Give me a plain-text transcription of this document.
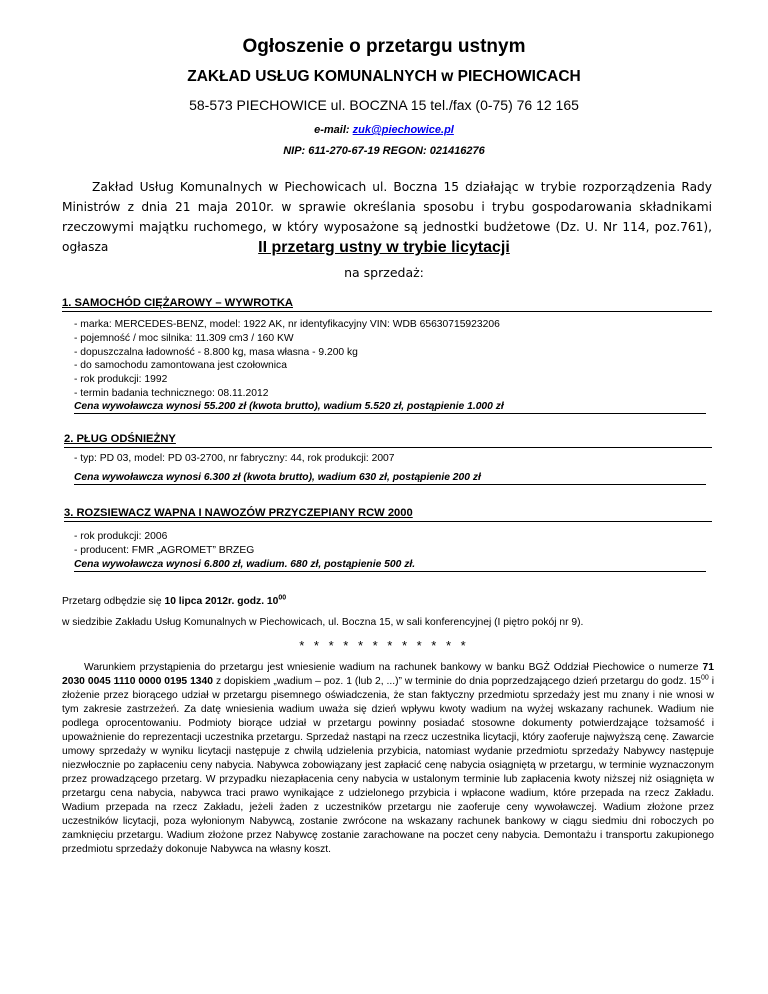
Ogłoszenie o przetargu ustnym
ZAKŁAD USŁUG KOMUNALNYCH w PIECHOWICACH
58-573 PIECHOWICE ul. BOCZNA 15 tel./fax (0-75) 76 12 165
e-mail: zuk@piechowice.pl
NIP: 611-270-67-19 REGON: 021416276
Zakład Usług Komunalnych w Piechowicach ul. Boczna 15 działając w trybie rozporządzenia Rady Ministrów z dnia 21 maja 2010r. w sprawie określania sposobu i trybu gospodarowania składnikami rzeczowymi majątku ruchomego, w który wyposażone są jednostki budżetowe (Dz. U. Nr 114, poz.761), ogłasza	II przetarg ustny w trybie licytacji
na sprzedaż:
1. SAMOCHÓD CIĘŻAROWY – WYWROTKA
- marka: MERCEDES-BENZ, model: 1922 AK, nr identyfikacyjny VIN: WDB 65630715923206
- pojemność / moc silnika: 11.309 cm3 / 160 KW
- dopuszczalna ładowność - 8.800 kg, masa własna - 9.200 kg
- do samochodu zamontowana jest czołownica
- rok produkcji: 1992
- termin badania technicznego: 08.11.2012
Cena wywoławcza wynosi 55.200 zł (kwota brutto), wadium 5.520 zł, postąpienie 1.000 zł
2. PŁUG ODŚNIEŻNY
- typ: PD 03, model: PD 03-2700, nr fabryczny: 44, rok produkcji: 2007
Cena wywoławcza wynosi 6.300 zł (kwota brutto), wadium 630 zł, postąpienie 200 zł
3. ROZSIEWACZ WAPNA I NAWOZÓW PRZYCZEPIANY RCW 2000
- rok produkcji: 2006
- producent: FMR „AGROMET” BRZEG
Cena wywoławcza wynosi 6.800 zł, wadium. 680 zł, postąpienie 500 zł.
Przetarg odbędzie się 10 lipca 2012r. godz. $10^{00}$
w siedzibie Zakładu Usług Komunalnych w Piechowicach, ul. Boczna 15, w sali konferencyjnej (I piętro pokój nr 9).
* * * * * * * * * * * *
Warunkiem przystąpienia do przetargu jest wniesienie wadium na rachunek bankowy w banku BGŻ Oddział Piechowice o numerze 71 2030 0045 1110 0000 0195 1340 z dopiskiem „wadium – poz. 1 (lub 2, ...)” w terminie do dnia poprzedzającego dzień przetargu do godz. $15^{00}$ i złożenie przez biorącego udział w przetargu pisemnego oświadczenia, że stan faktyczny przedmiotu sprzedaży jest mu znany i nie wnosi w tym zakresie zastrzeżeń. Za datę wniesienia wadium uważa się dzień wpływu kwoty wadium na wyżej wskazany rachunek. Wadium nie podlega oprocentowaniu. Podmioty biorące udział w przetargu powinny posiadać stosowne dokumenty potwierdzające tożsamość i upoważnienie do reprezentacji uczestnika przetargu. Sprzedaż nastąpi na rzecz uczestnika licytacji, który zaoferuje najwyższą cenę. Zawarcie umowy sprzedaży w wyniku licytacji następuje z chwilą udzielenia przybicia, natomiast wydanie przedmiotu sprzedaży Nabywcy następuje niezwłocznie po zapłaceniu ceny nabycia. Nabywca zobowiązany jest zapłacić cenę nabycia osiągniętą w przetargu, w terminie wyznaczonym przez prowadzącego przetarg. W przypadku niezapłacenia ceny nabycia w ustalonym terminie lub zapłacenia kwoty niższej niż osiągnięta w przetargu cena nabycia, nabywca traci prawo wynikające z udzielonego przybicia i wpłacone wadium, które przepada na rzecz Zakładu. Wadium przepada na rzecz Zakładu, jeżeli żaden z uczestników przetargu nie zaoferuje ceny wywoławczej. Wadium złożone przez uczestników licytacji, poza wyłonionym Nabywcą, zostanie zwrócone na wskazany rachunek bankowy w ciągu siedmiu dni roboczych po zamknięciu przetargu. Wadium złożone przez Nabywcę zostanie zarachowane na poczet ceny nabycia. Demontażu i transportu zakupionego przedmiotu sprzedaży dokonuje Nabywca na własny koszt.
